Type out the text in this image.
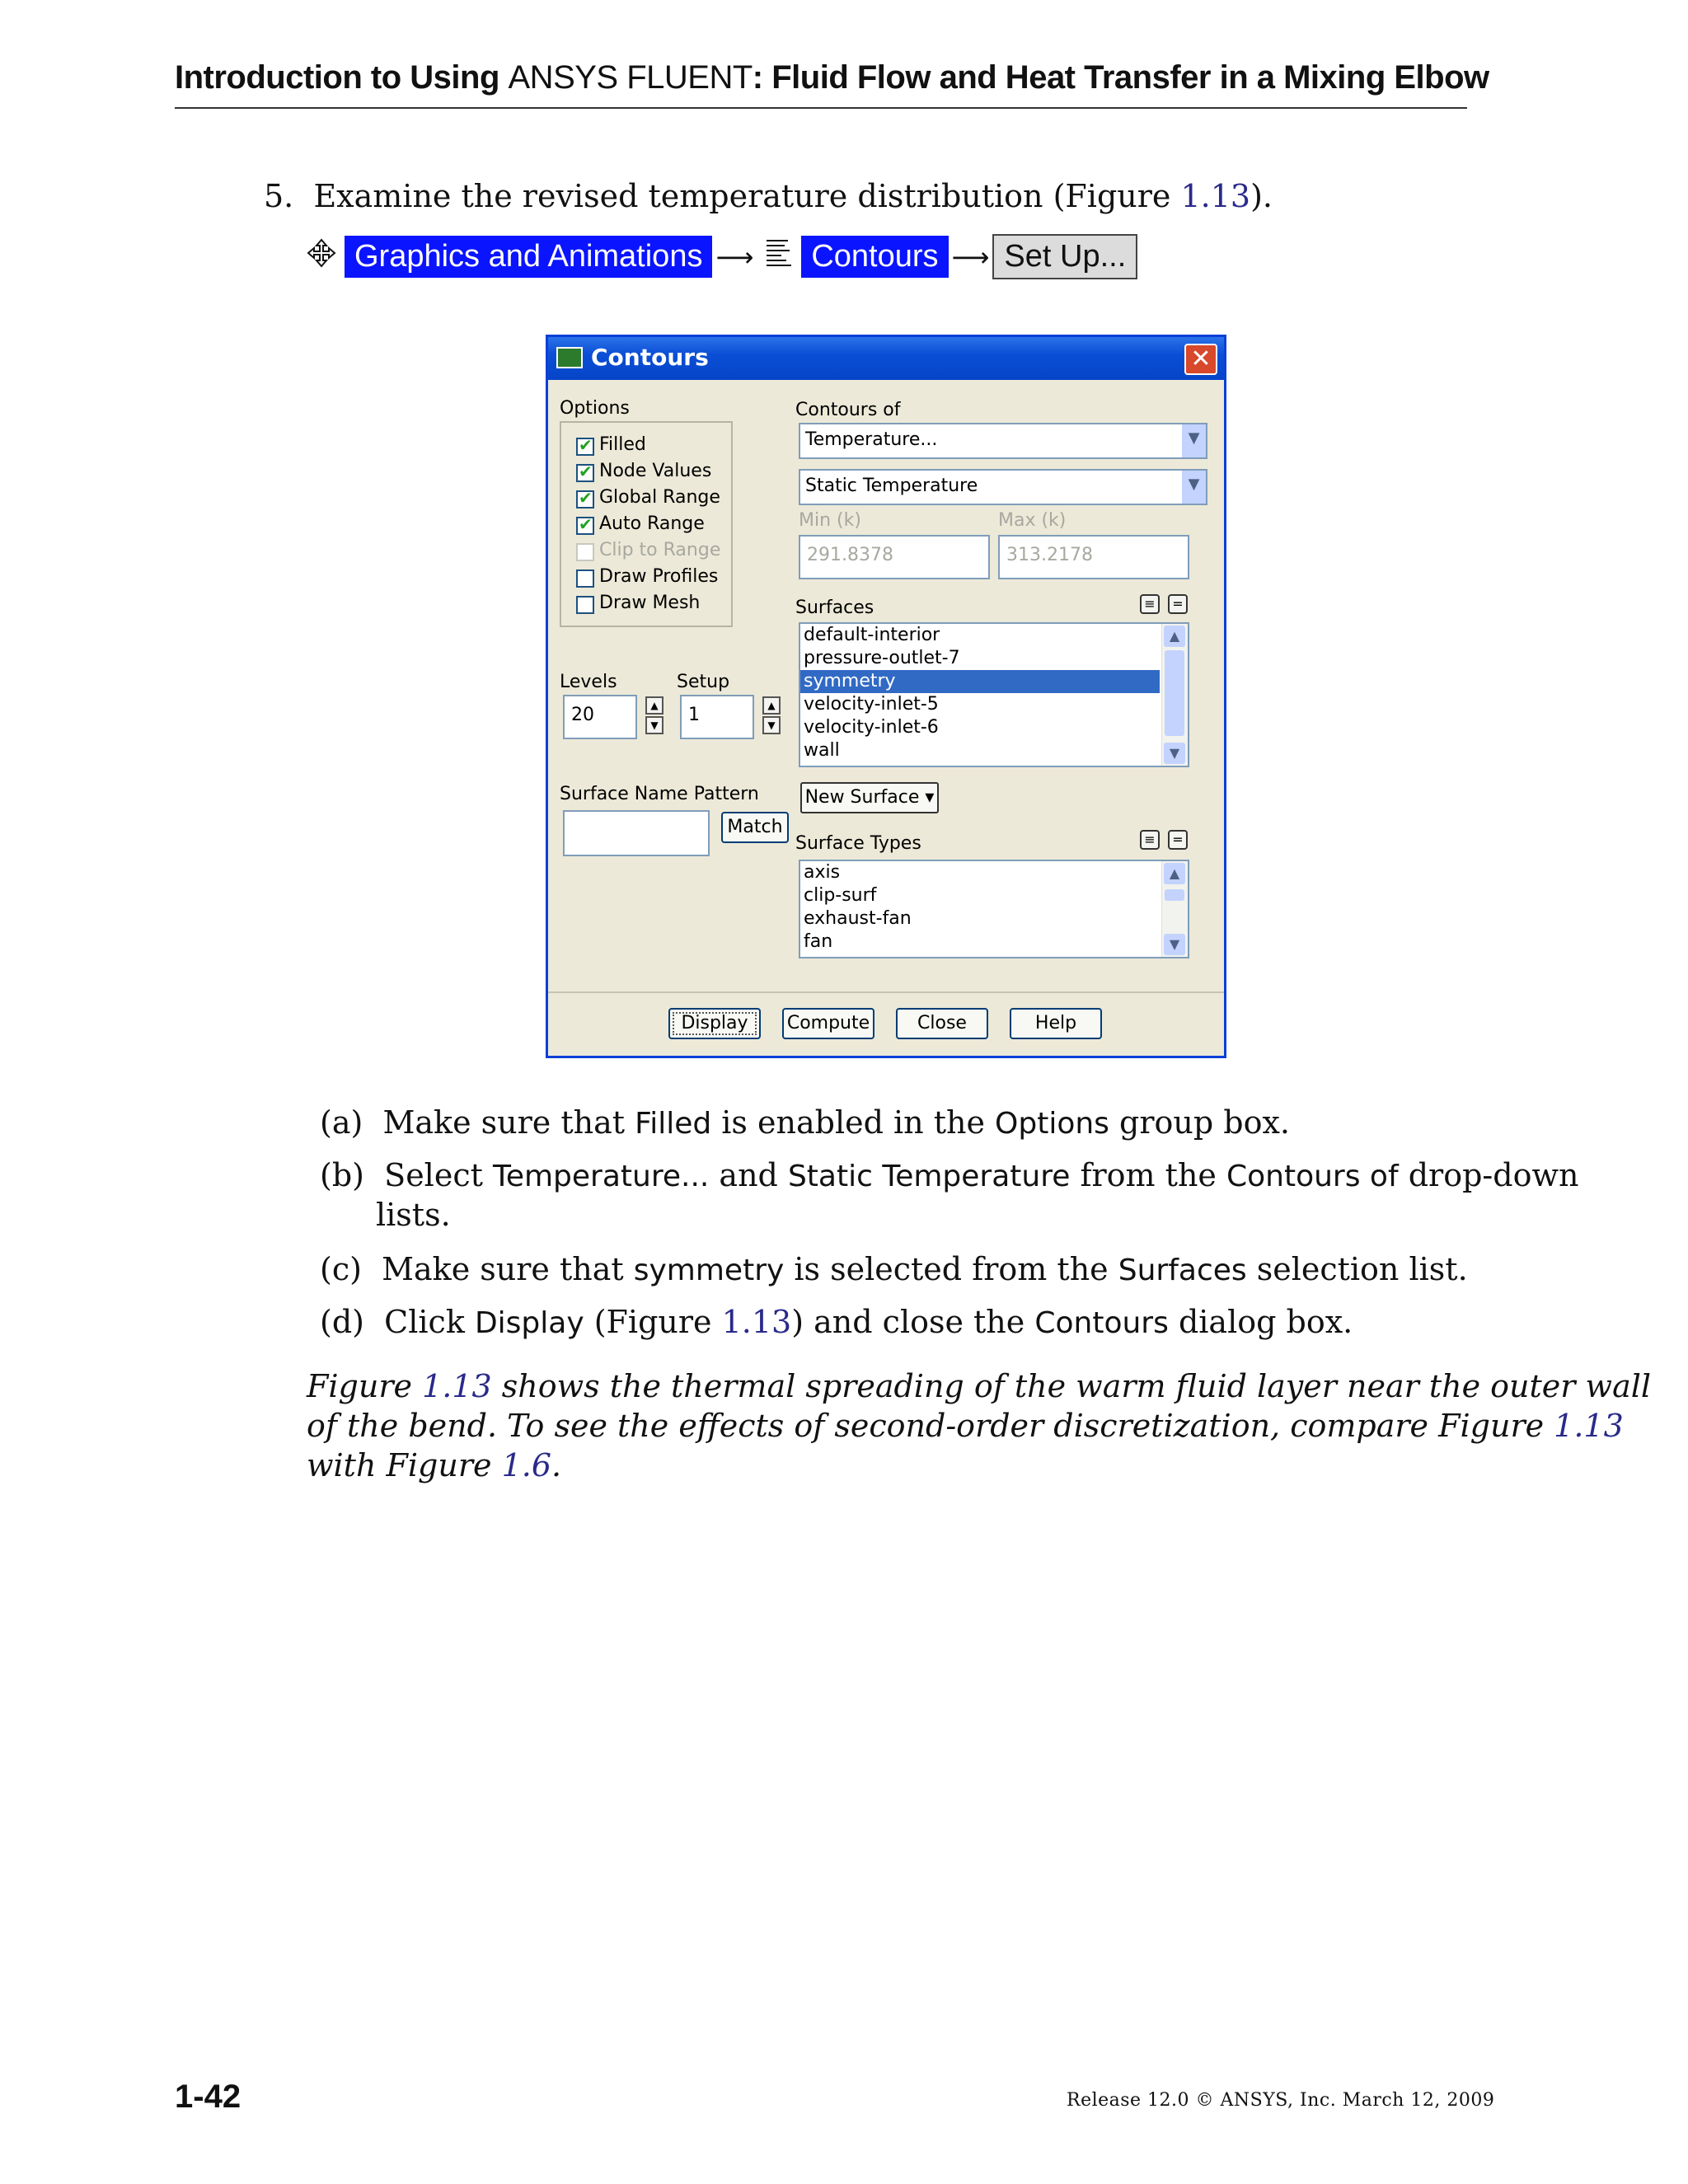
Introduction to Using ANSYS FLUENT: Fluid Flow and Heat Transfer in a Mixing Elbow
5. Examine the revised temperature distribution (Figure 1.13).
Graphics and Animations ⟶ Contours ⟶ Set Up...
Contours	✕
Options
✔
Filled
✔
Node Values
✔
Global Range
✔
Auto Range
Clip to Range
Draw Profiles
Draw Mesh
Contours of
Temperature...	▼
Static Temperature	▼
Min (k)	Max (k)
291.8378	313.2178
Surfaces	≡	=
default-interior
pressure-outlet-7
symmetry
velocity-inlet-5
velocity-inlet-6
wall
▲
▼
Levels	Setup
20	▲
▼ 1	▲
▼
Surface Name Pattern
Match
New Surface ▾
Surface Types	≡	=
axis
clip-surf
exhaust-fan
fan
▲
▼
Display	Compute	Close	Help
(a) Make sure that Filled is enabled in the Options group box.
(b) Select Temperature... and Static Temperature from the Contours of drop-down
lists.
(c) Make sure that symmetry is selected from the Surfaces selection list.
(d) Click Display (Figure 1.13) and close the Contours dialog box.
Figure 1.13 shows the thermal spreading of the warm fluid layer near the outer wall
of the bend. To see the effects of second-order discretization, compare Figure 1.13
with Figure 1.6.
1-42	Release 12.0 © ANSYS, Inc. March 12, 2009
